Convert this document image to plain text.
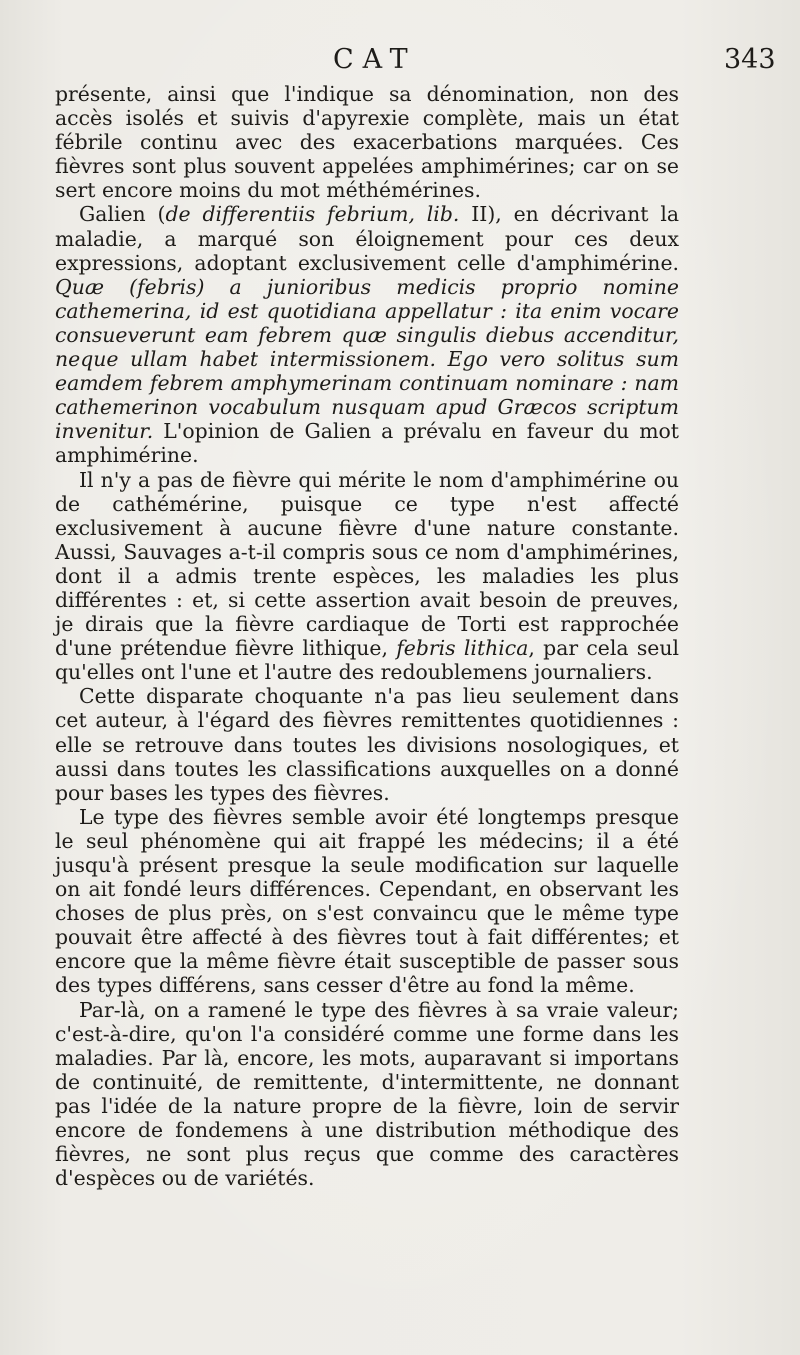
CAT	343

présente, ainsi que l'indique sa dénomination, non des accès isolés et suivis d'apyrexie complète, mais un état fébrile continu avec des exacerbations marquées. Ces fièvres sont plus souvent appelées amphimérines; car on se sert encore moins du mot méthémérines.

Galien (de differentiis febrium, lib. II), en décrivant la maladie, a marqué son éloignement pour ces deux expressions, adoptant exclusivement celle d'amphimérine. Quæ (febris) a junioribus medicis proprio nomine cathemerina, id est quotidiana appellatur : ita enim vocare consueverunt eam febrem quæ singulis diebus accenditur, neque ullam habet intermissionem. Ego vero solitus sum eamdem febrem amphymerinam continuam nominare : nam cathemerinon vocabulum nusquam apud Græcos scriptum invenitur. L'opinion de Galien a prévalu en faveur du mot amphimérine.

Il n'y a pas de fièvre qui mérite le nom d'amphimérine ou de cathémérine, puisque ce type n'est affecté exclusivement à aucune fièvre d'une nature constante. Aussi, Sauvages a-t-il compris sous ce nom d'amphimérines, dont il a admis trente espèces, les maladies les plus différentes : et, si cette assertion avait besoin de preuves, je dirais que la fièvre cardiaque de Torti est rapprochée d'une prétendue fièvre lithique, febris lithica, par cela seul qu'elles ont l'une et l'autre des redoublemens journaliers.

Cette disparate choquante n'a pas lieu seulement dans cet auteur, à l'égard des fièvres remittentes quotidiennes : elle se retrouve dans toutes les divisions nosologiques, et aussi dans toutes les classifications auxquelles on a donné pour bases les types des fièvres.

Le type des fièvres semble avoir été longtemps presque le seul phénomène qui ait frappé les médecins; il a été jusqu'à présent presque la seule modification sur laquelle on ait fondé leurs différences. Cependant, en observant les choses de plus près, on s'est convaincu que le même type pouvait être affecté à des fièvres tout à fait différentes; et encore que la même fièvre était susceptible de passer sous des types différens, sans cesser d'être au fond la même.

Par-là, on a ramené le type des fièvres à sa vraie valeur; c'est-à-dire, qu'on l'a considéré comme une forme dans les maladies. Par là, encore, les mots, auparavant si importans de continuité, de remittente, d'intermittente, ne donnant pas l'idée de la nature propre de la fièvre, loin de servir encore de fondemens à une distribution méthodique des fièvres, ne sont plus reçus que comme des caractères d'espèces ou de variétés.
